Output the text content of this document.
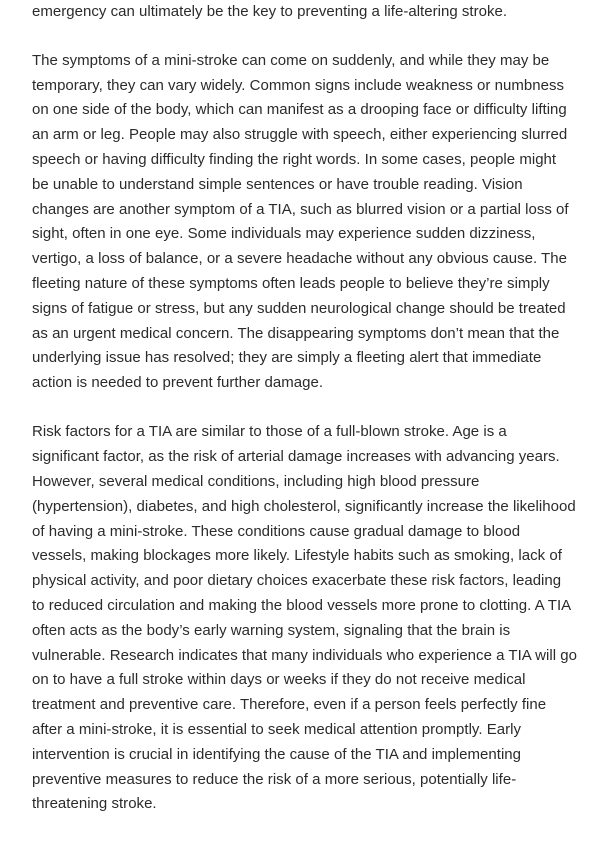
emergency can ultimately be the key to preventing a life-altering stroke.

The symptoms of a mini-stroke can come on suddenly, and while they may be temporary, they can vary widely. Common signs include weakness or numbness on one side of the body, which can manifest as a drooping face or difficulty lifting an arm or leg. People may also struggle with speech, either experiencing slurred speech or having difficulty finding the right words. In some cases, people might be unable to understand simple sentences or have trouble reading. Vision changes are another symptom of a TIA, such as blurred vision or a partial loss of sight, often in one eye. Some individuals may experience sudden dizziness, vertigo, a loss of balance, or a severe headache without any obvious cause. The fleeting nature of these symptoms often leads people to believe they’re simply signs of fatigue or stress, but any sudden neurological change should be treated as an urgent medical concern. The disappearing symptoms don’t mean that the underlying issue has resolved; they are simply a fleeting alert that immediate action is needed to prevent further damage.

Risk factors for a TIA are similar to those of a full-blown stroke. Age is a significant factor, as the risk of arterial damage increases with advancing years. However, several medical conditions, including high blood pressure (hypertension), diabetes, and high cholesterol, significantly increase the likelihood of having a mini-stroke. These conditions cause gradual damage to blood vessels, making blockages more likely. Lifestyle habits such as smoking, lack of physical activity, and poor dietary choices exacerbate these risk factors, leading to reduced circulation and making the blood vessels more prone to clotting. A TIA often acts as the body’s early warning system, signaling that the brain is vulnerable. Research indicates that many individuals who experience a TIA will go on to have a full stroke within days or weeks if they do not receive medical treatment and preventive care. Therefore, even if a person feels perfectly fine after a mini-stroke, it is essential to seek medical attention promptly. Early intervention is crucial in identifying the cause of the TIA and implementing preventive measures to reduce the risk of a more serious, potentially life-threatening stroke.
